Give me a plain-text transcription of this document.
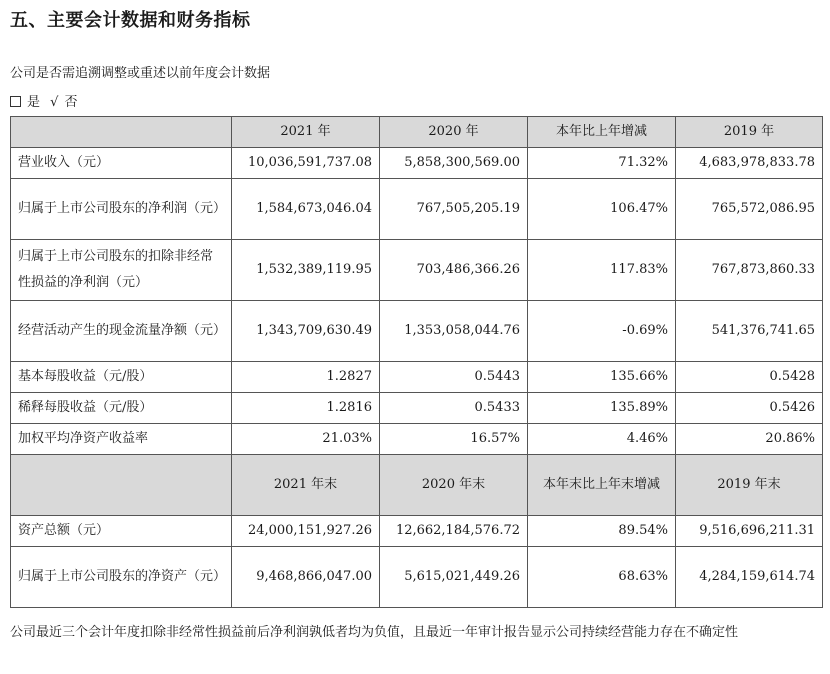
五、主要会计数据和财务指标
公司是否需追溯调整或重述以前年度会计数据
是 √ 否
	2021 年	2020 年	本年比上年增减	2019 年
营业收入（元）	10,036,591,737.08	5,858,300,569.00	71.32%	4,683,978,833.78
归属于上市公司股东的净利润（元）	1,584,673,046.04	767,505,205.19	106.47%	765,572,086.95
归属于上市公司股东的扣除非经常性损益的净利润（元）	1,532,389,119.95	703,486,366.26	117.83%	767,873,860.33
经营活动产生的现金流量净额（元）	1,343,709,630.49	1,353,058,044.76	-0.69%	541,376,741.65
基本每股收益（元/股）	1.2827	0.5443	135.66%	0.5428
稀释每股收益（元/股）	1.2816	0.5433	135.89%	0.5426
加权平均净资产收益率	21.03%	16.57%	4.46%	20.86%
	2021 年末	2020 年末	本年末比上年末增减	2019 年末
资产总额（元）	24,000,151,927.26	12,662,184,576.72	89.54%	9,516,696,211.31
归属于上市公司股东的净资产（元）	9,468,866,047.00	5,615,021,449.26	68.63%	4,284,159,614.74
公司最近三个会计年度扣除非经常性损益前后净利润孰低者均为负值，且最近一年审计报告显示公司持续经营能力存在不确定性
